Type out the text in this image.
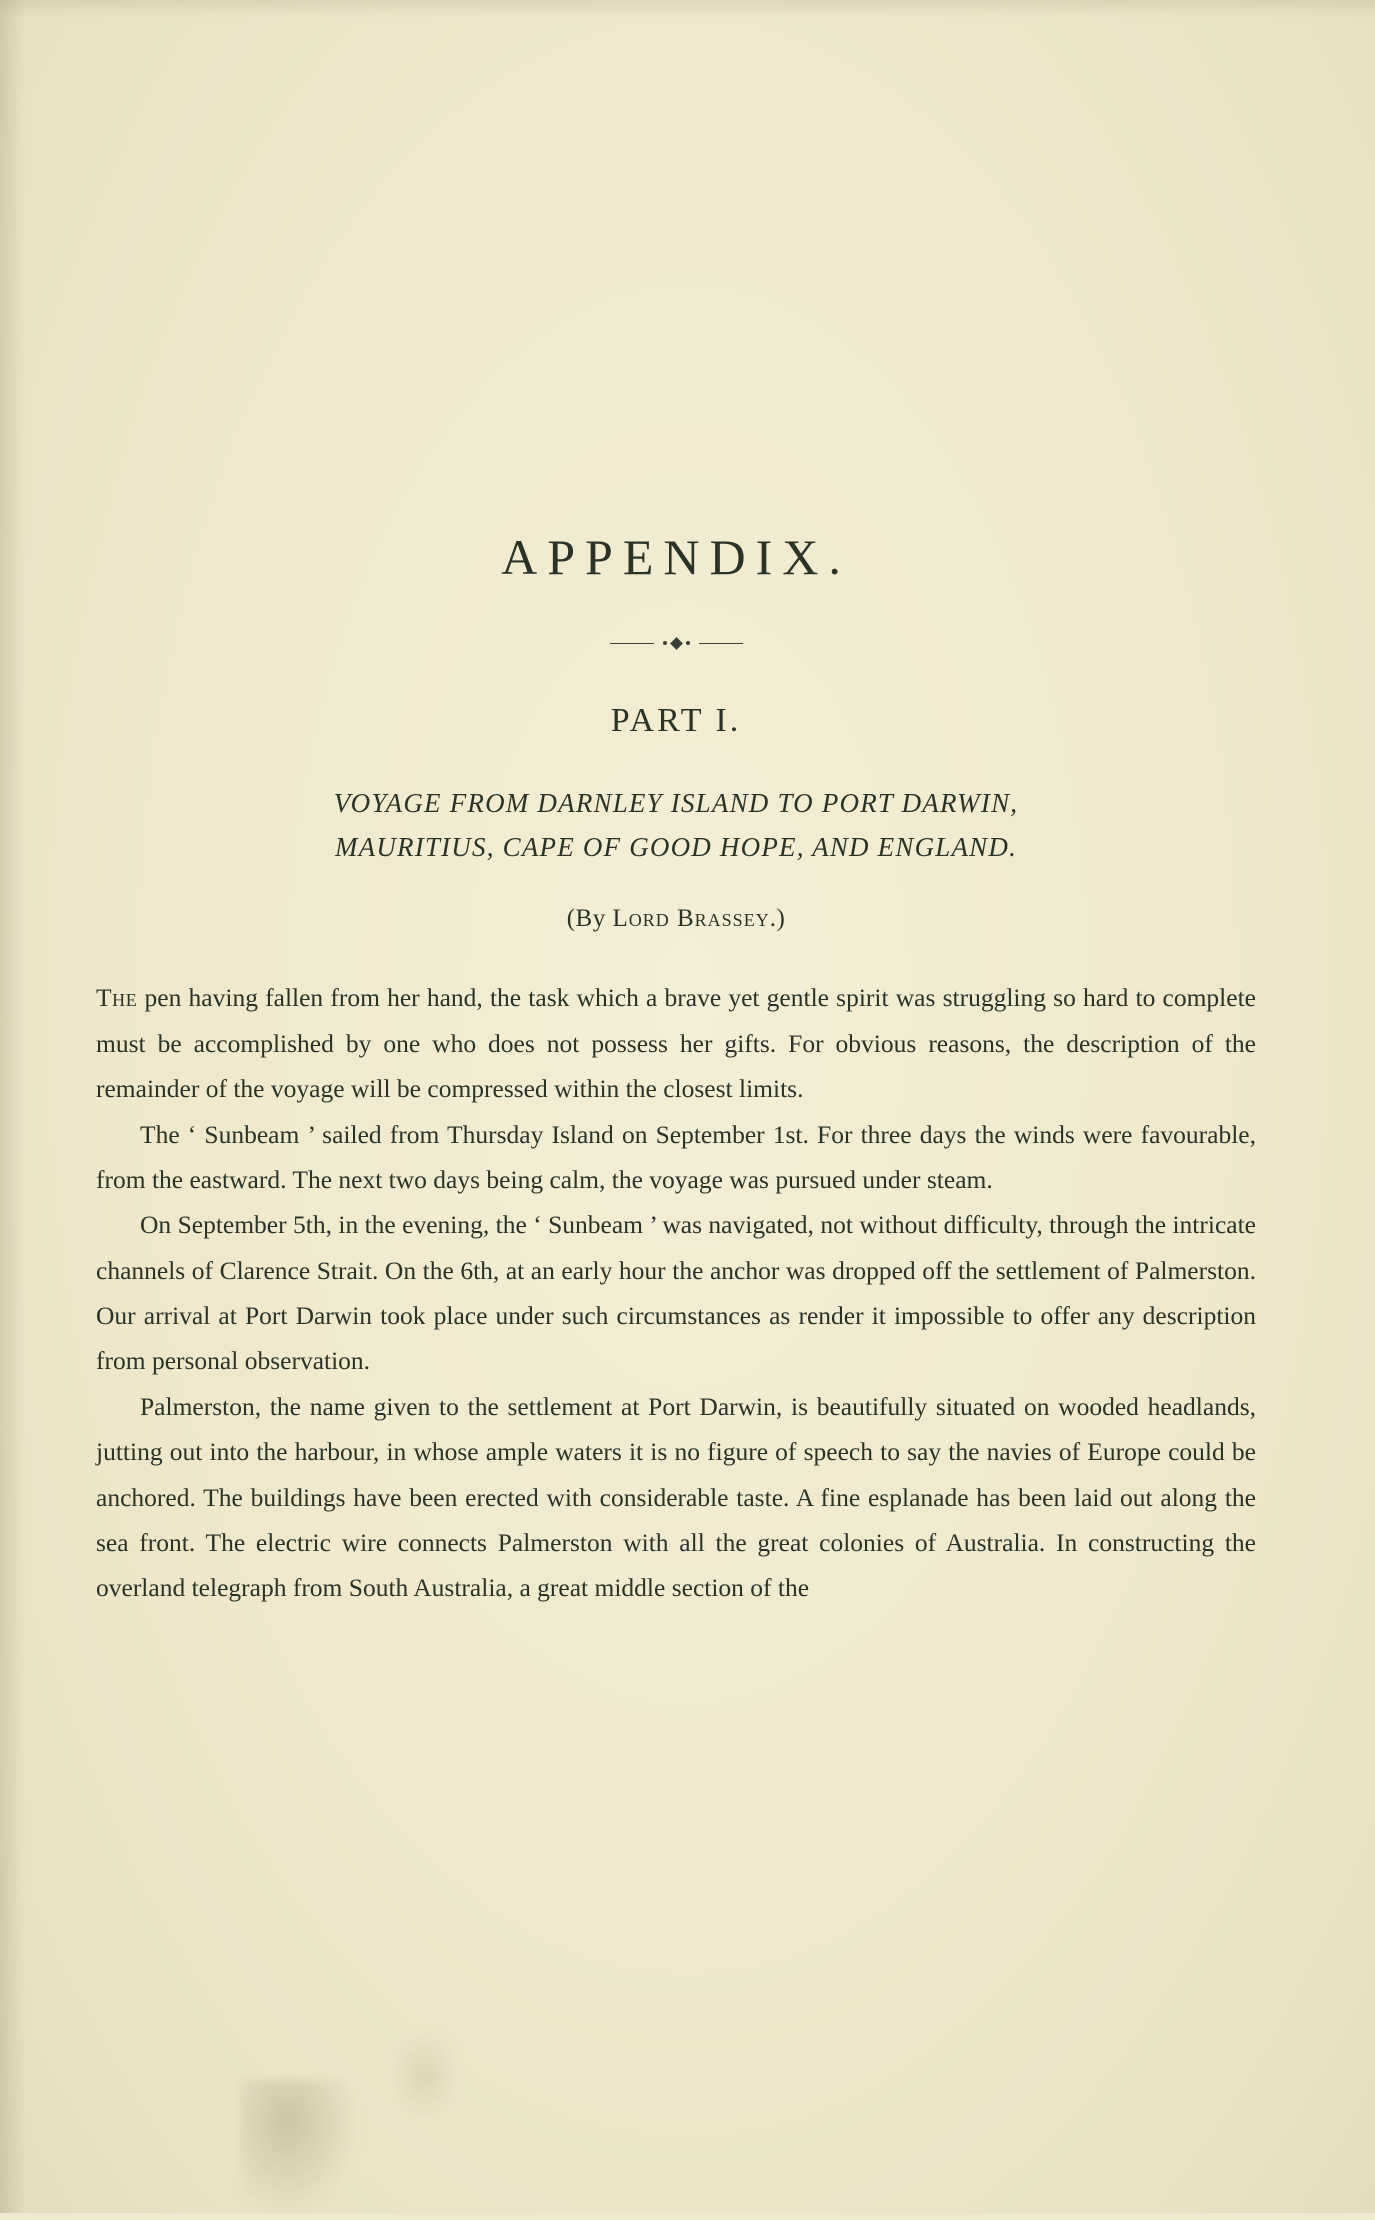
APPENDIX.
PART I.
VOYAGE FROM DARNLEY ISLAND TO PORT DARWIN,
MAURITIUS, CAPE OF GOOD HOPE, AND ENGLAND.
(By Lord Brassey.)

The pen having fallen from her hand, the task which a brave yet gentle spirit was struggling so hard to complete must be accomplished by one who does not possess her gifts. For obvious reasons, the description of the remainder of the voyage will be compressed within the closest limits.

The ‘ Sunbeam ’ sailed from Thursday Island on September 1st. For three days the winds were favourable, from the eastward. The next two days being calm, the voyage was pursued under steam.

On September 5th, in the evening, the ‘ Sunbeam ’ was navigated, not without difficulty, through the intricate channels of Clarence Strait. On the 6th, at an early hour the anchor was dropped off the settlement of Palmerston. Our arrival at Port Darwin took place under such circumstances as render it impossible to offer any description from personal observation.

Palmerston, the name given to the settlement at Port Darwin, is beautifully situated on wooded headlands, jutting out into the harbour, in whose ample waters it is no figure of speech to say the navies of Europe could be anchored. The buildings have been erected with considerable taste. A fine esplanade has been laid out along the sea front. The electric wire connects Palmerston with all the great colonies of Australia. In constructing the overland telegraph from South Australia, a great middle section of the
